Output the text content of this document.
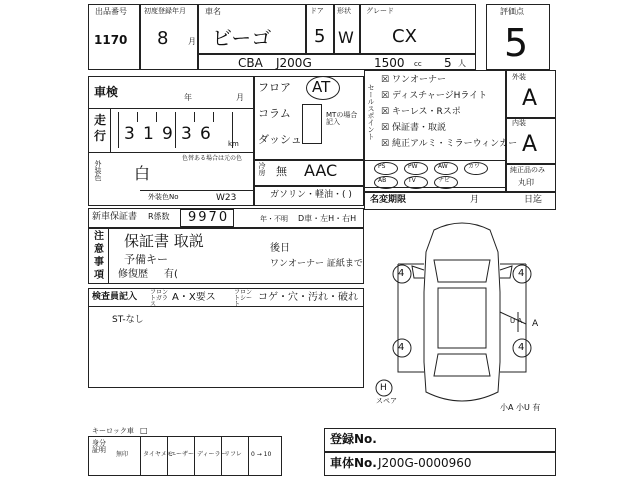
出品番号
1170
初度登録年月
8 月
車名
ビーゴ
ドア
5
形状
W
グレード
CX
評価点
5
CBA J200G	1500 cc 5 人
車検	年	月
走
行 3 1 9 3 6 km
外装色 白
色替ある場合は元の色
外装色No	W23
フロア
コラム
ダッシュ
AT
MTの場合記入
冷房 無 AAC
ガソリン・軽油・( )
セールスポイント
☒ ワンオーナー
☒ ディスチャージHライト
☒ キーレス・Rスポ
☒ 保証書・取説
☒ 純正アルミ・ミラーウィンカー
外装
A
内装
A
PS	PW	AW	カワ
AB	TV	ナビ
純正品のみ
丸印
新車保証書 R係数 9970	年・不明 D車・左H・右H
名変期限	月	日迄
注
意
事
項
保証書 取説
予備キー
修復歴 有(
後日
ワンオーナー 証紙まで
検査員記入 フロントガラス
A・X要ス	フロントシート
コゲ・穴・汚れ・破れ
ST-なし
4	4
4	4
H
スペア
A
U A
小A 小U 有
キーロック車 □
身分証明
無印 タイヤメモ
ユーザー ディーラー
リフレ 0 → 10
登録No.
車体No. J200G-0000960
